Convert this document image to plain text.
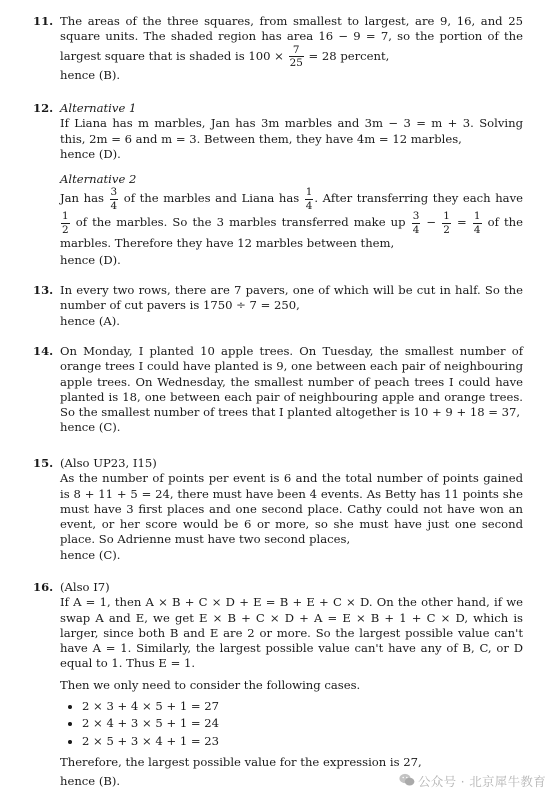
11. The areas of the three squares, from smallest to largest, are 9, 16, and 25 square units. The shaded region has area 16 − 9 = 7, so the portion of the largest square that is shaded is $100 \times \frac{7}{25} = 28$ percent,

hence (B).

12. Alternative 1

If Liana has m marbles, Jan has 3m marbles and 3m − 3 = m + 3. Solving this, 2m = 6 and m = 3. Between them, they have 4m = 12 marbles,

hence (D).

Alternative 2

Jan has $\frac{3}{4}$ of the marbles and Liana has $\frac{1}{4}$ . After transferring they each have
$\frac{1}{2}$ of the marbles. So the 3 marbles transferred make up $\frac{3}{4} - \frac{1}{2} = \frac{1}{4}$ of the marbles. Therefore they have 12 marbles between them,

hence (D).

13. In every two rows, there are 7 pavers, one of which will be cut in half. So the number of cut pavers is 1750 ÷ 7 = 250,

hence (A).

14. On Monday, I planted 10 apple trees. On Tuesday, the smallest number of orange trees I could have planted is 9, one between each pair of neighbouring apple trees. On Wednesday, the smallest number of peach trees I could have planted is 18, one between each pair of neighbouring apple and orange trees. So the smallest number of trees that I planted altogether is 10 + 9 + 18 = 37,

hence (C).

15. (Also UP23, I15)

As the number of points per event is 6 and the total number of points gained is 8 + 11 + 5 = 24, there must have been 4 events. As Betty has 11 points she must have 3 first places and one second place. Cathy could not have won an event, or her score would be 6 or more, so she must have just one second place. So Adrienne must have two second places,

hence (C).

16. (Also I7)

If A = 1, then A × B + C × D + E = B + E + C × D. On the other hand, if we swap A and E, we get E × B + C × D + A = E × B + 1 + C × D, which is larger, since both B and E are 2 or more. So the largest possible value can't have A = 1. Similarly, the largest possible value can't have any of B, C, or D equal to 1. Thus E = 1.

Then we only need to consider the following cases.

• 2 × 3 + 4 × 5 + 1 = 27
• 2 × 4 + 3 × 5 + 1 = 24
• 2 × 5 + 3 × 4 + 1 = 23

Therefore, the largest possible value for the expression is 27,

hence (B).	公众号 · 北京犀牛教育
